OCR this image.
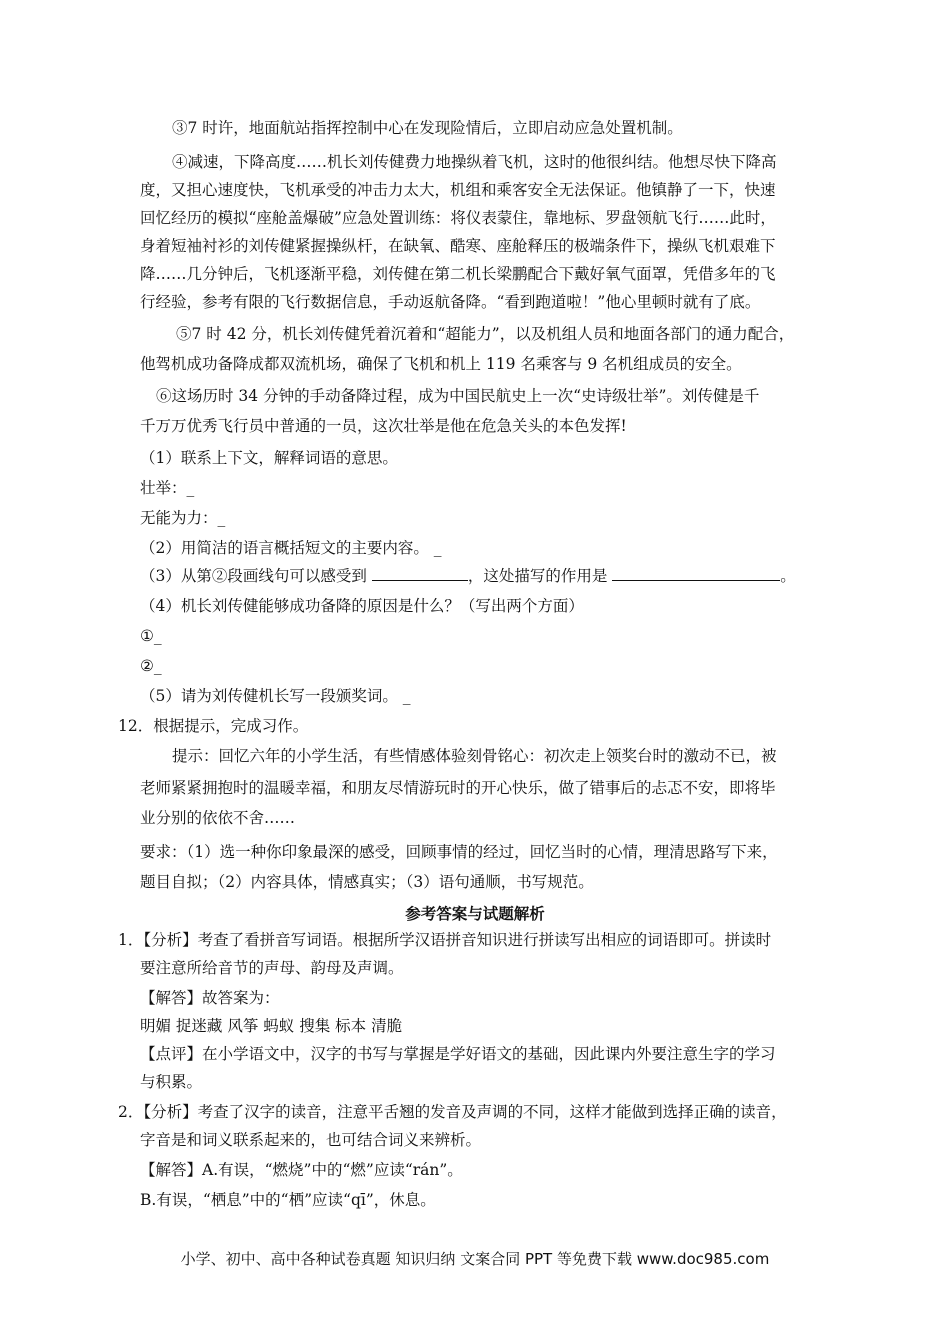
③7 时许，地面航站指挥控制中心在发现险情后，立即启动应急处置机制。
④减速，下降高度……机长刘传健费力地操纵着飞机，这时的他很纠结。他想尽快下降高
度，又担心速度快，飞机承受的冲击力太大，机组和乘客安全无法保证。他镇静了一下，快速
回忆经历的模拟“座舱盖爆破”应急处置训练：将仪表蒙住，靠地标、罗盘领航飞行……此时，
身着短袖衬衫的刘传健紧握操纵杆，在缺氧、酷寒、座舱释压的极端条件下，操纵飞机艰难下
降……几分钟后，飞机逐渐平稳，刘传健在第二机长梁鹏配合下戴好氧气面罩，凭借多年的飞
行经验，参考有限的飞行数据信息，手动返航备降。“看到跑道啦！”他心里顿时就有了底。
⑤7 时 42 分，机长刘传健凭着沉着和“超能力”，以及机组人员和地面各部门的通力配合，
他驾机成功备降成都双流机场，确保了飞机和机上 119 名乘客与 9 名机组成员的安全。
⑥这场历时 34 分钟的手动备降过程，成为中国民航史上一次“史诗级壮举”。刘传健是千
千万万优秀飞行员中普通的一员，这次壮举是他在危急关头的本色发挥!
（1）联系上下文，解释词语的意思。
壮举：_
无能为力：_
（2）用简洁的语言概括短文的主要内容。 _
（3）从第②段画线句可以感受到	，这处描写的作用是	。
（4）机长刘传健能够成功备降的原因是什么？（写出两个方面）
①_
②_
（5）请为刘传健机长写一段颁奖词。 _
12．根据提示，完成习作。
提示：回忆六年的小学生活，有些情感体验刻骨铭心：初次走上领奖台时的激动不已，被
老师紧紧拥抱时的温暖幸福，和朋友尽情游玩时的开心快乐，做了错事后的忐忑不安，即将毕
业分别的依依不舍……
要求：（1）选一种你印象最深的感受，回顾事情的经过，回忆当时的心情，理清思路写下来，
题目自拟；（2）内容具体，情感真实；（3）语句通顺，书写规范。
参考答案与试题解析
1．【分析】考查了看拼音写词语。根据所学汉语拼音知识进行拼读写出相应的词语即可。拼读时
要注意所给音节的声母、韵母及声调。
【解答】故答案为：
明媚 捉迷藏 风筝 蚂蚁 搜集 标本 清脆
【点评】在小学语文中，汉字的书写与掌握是学好语文的基础，因此课内外要注意生字的学习
与积累。
2．【分析】考查了汉字的读音，注意平舌翘的发音及声调的不同，这样才能做到选择正确的读音，
字音是和词义联系起来的，也可结合词义来辨析。
【解答】A.有误，“燃烧”中的“燃”应读“rán”。
B.有误，“栖息”中的“栖”应读“qī”，休息。
小学、初中、高中各种试卷真题 知识归纳 文案合同 PPT 等免费下载 www.doc985.com
